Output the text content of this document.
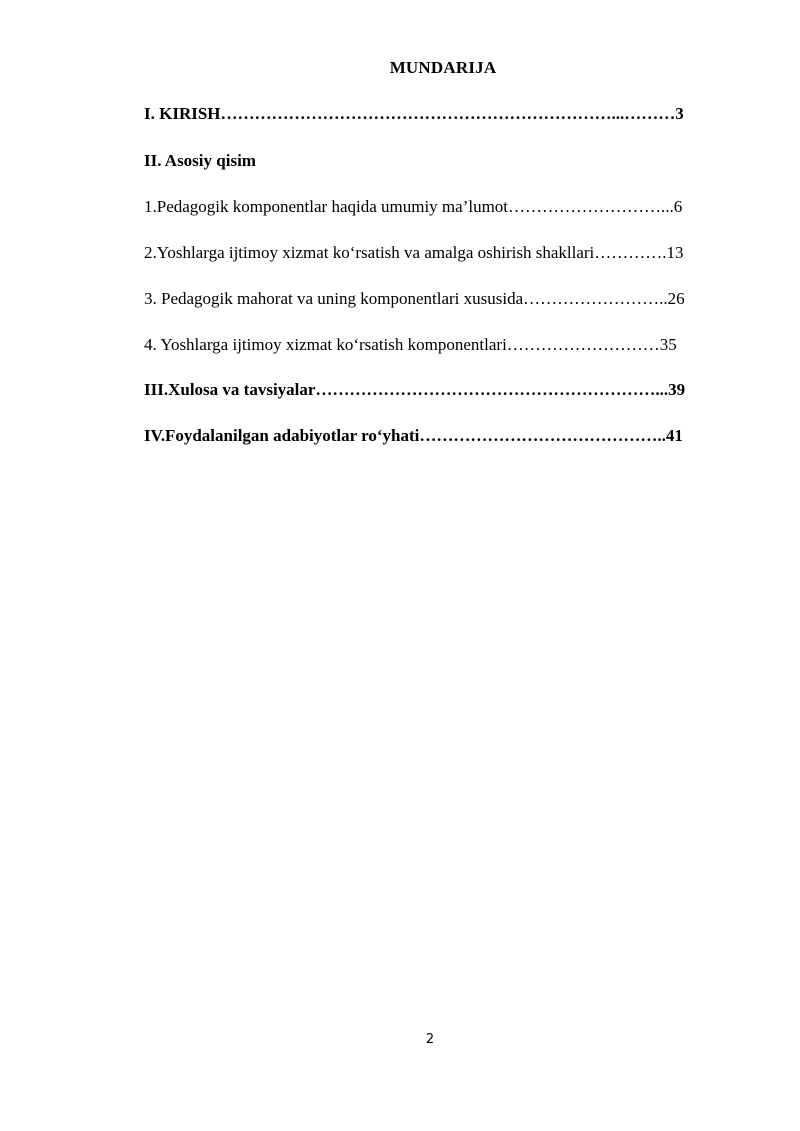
MUNDARIJA
I. KIRISH……………………………………………………………...………3
II. Asosiy qisim
1.Pedagogik komponentlar haqida umumiy ma’lumot………………………...6
2.Yoshlarga ijtimoy xizmat ko‘rsatish va amalga oshirish shakllari………….13
3. Pedagogik mahorat va uning komponentlari xususida……………………..26
4. Yoshlarga ijtimoy xizmat ko‘rsatish komponentlari………………………35
III.Xulosa va tavsiyalar……………………………………………………...39
IV.Foydalanilgan adabiyotlar ro‘yhati……………………………………..41
2
